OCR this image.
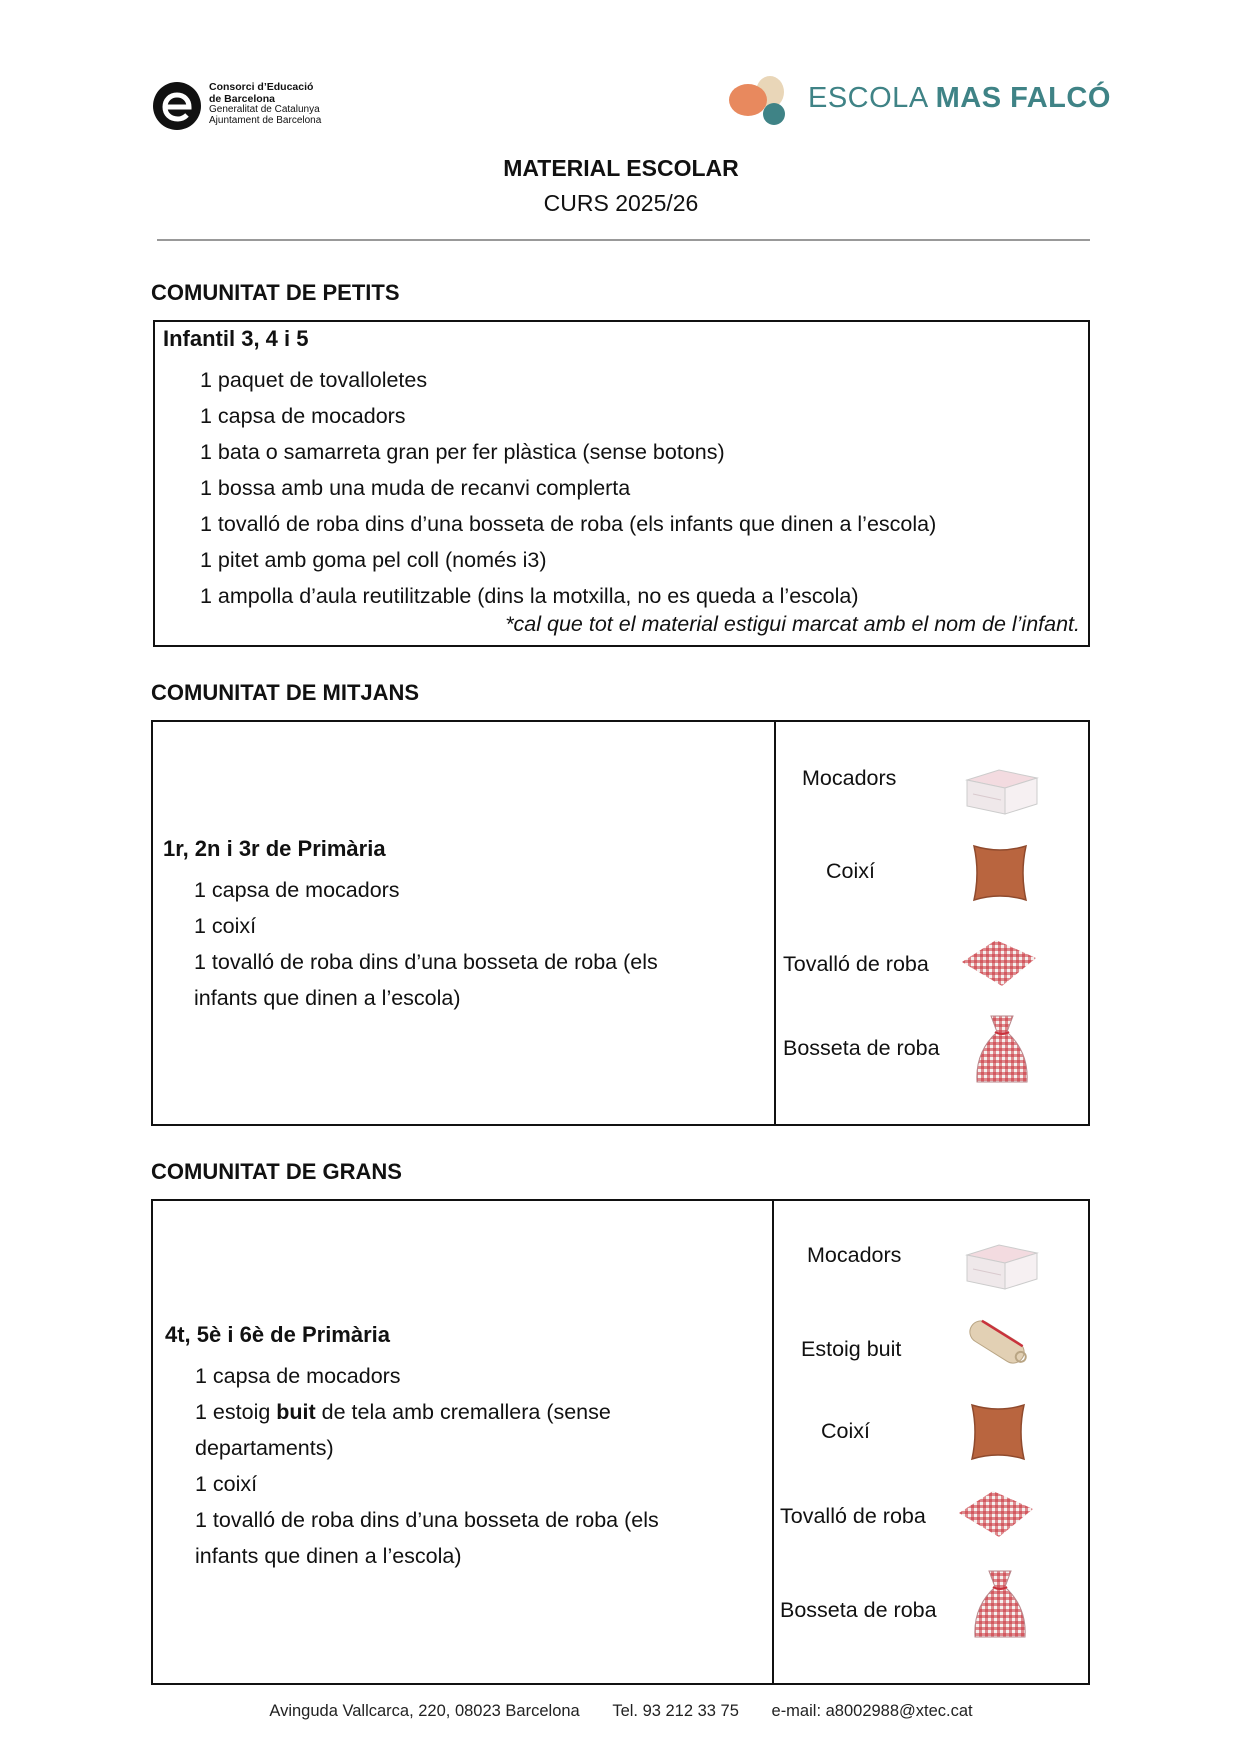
Consorci d’Educació
de Barcelona
Generalitat de Catalunya
Ajuntament de Barcelona
ESCOLA MAS FALCÓ
MATERIAL ESCOLAR
CURS 2025/26
COMUNITAT DE PETITS
Infantil 3, 4 i 5
1 paquet de tovalloletes
1 capsa de mocadors
1 bata o samarreta gran per fer plàstica (sense botons)
1 bossa amb una muda de recanvi complerta
1 tovalló de roba dins d’una bosseta de roba (els infants que dinen a l’escola)
1 pitet amb goma pel coll (només i3)
1 ampolla d’aula reutilitzable (dins la motxilla, no es queda a l’escola)
*cal que tot el material estigui marcat amb el nom de l’infant.
COMUNITAT DE MITJANS
1r, 2n i 3r de Primària
1 capsa de mocadors
1 coixí
1 tovalló de roba dins d’una bosseta de roba (els
infants que dinen a l’escola)
Mocadors
Coixí
Tovalló de roba
Bosseta de roba
COMUNITAT DE GRANS
4t, 5è i 6è de Primària
1 capsa de mocadors
1 estoig buit de tela amb cremallera (sense
departaments)
1 coixí
1 tovalló de roba dins d’una bosseta de roba (els
infants que dinen a l’escola)
Mocadors
Estoig buit
Coixí
Tovalló de roba
Bosseta de roba
Avinguda Vallcarca, 220, 08023 Barcelona Tel. 93 212 33 75 e-mail: a8002988@xtec.cat
